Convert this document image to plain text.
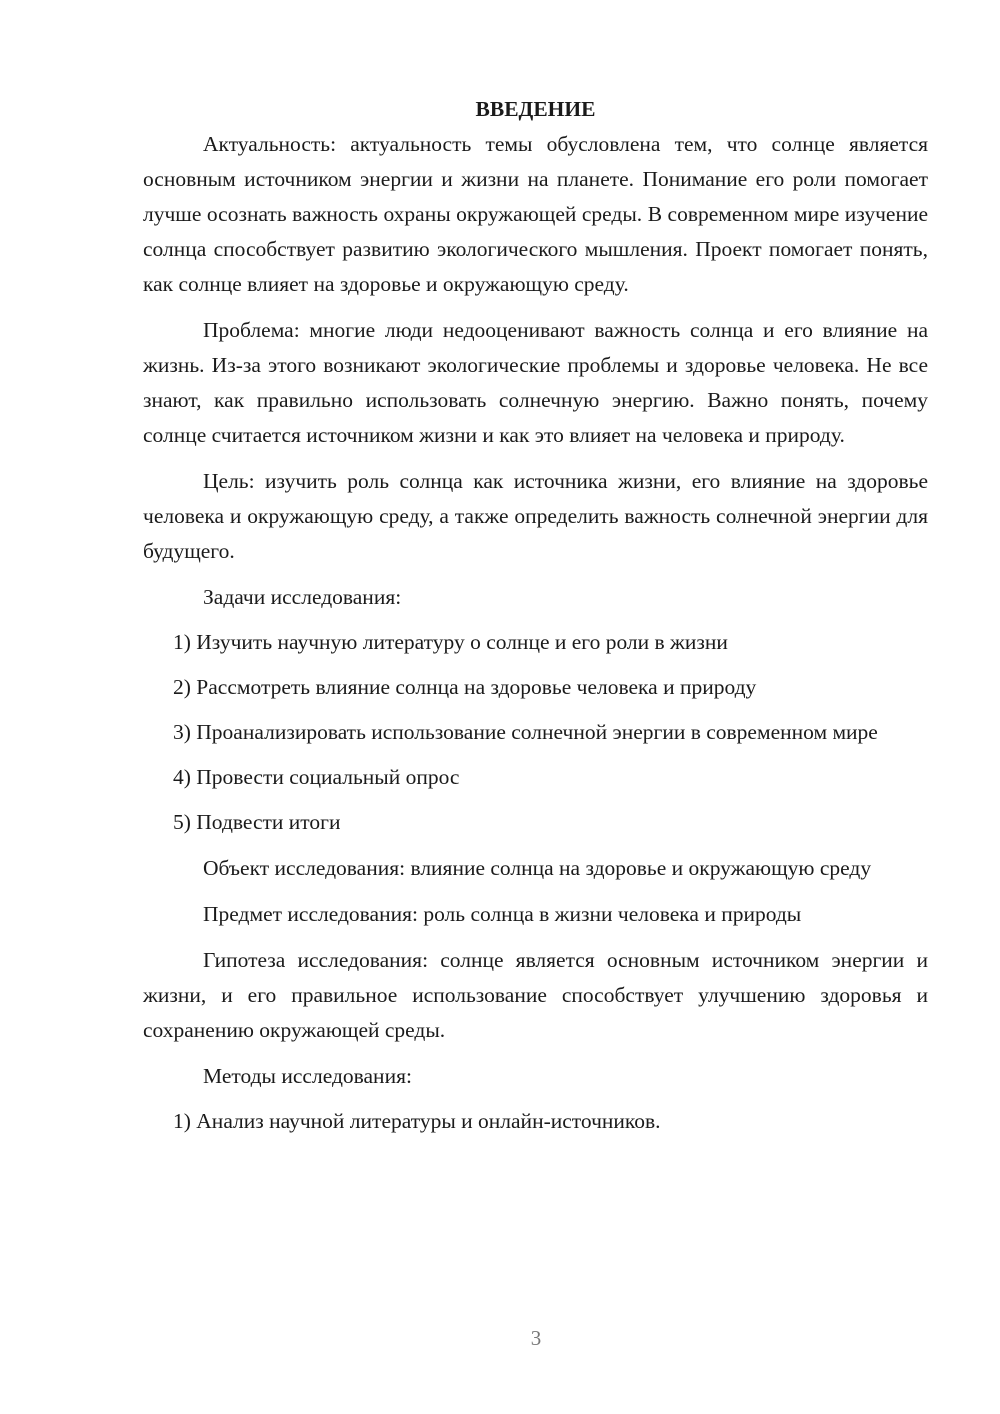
ВВЕДЕНИЕ

Актуальность: актуальность темы обусловлена тем, что солнце является основным источником энергии и жизни на планете. Понимание его роли помогает лучше осознать важность охраны окружающей среды. В современном мире изучение солнца способствует развитию экологического мышления. Проект помогает понять, как солнце влияет на здоровье и окружающую среду.

Проблема: многие люди недооценивают важность солнца и его влияние на жизнь. Из-за этого возникают экологические проблемы и здоровье человека. Не все знают, как правильно использовать солнечную энергию. Важно понять, почему солнце считается источником жизни и как это влияет на человека и природу.

Цель: изучить роль солнца как источника жизни, его влияние на здоровье человека и окружающую среду, а также определить важность солнечной энергии для будущего.

Задачи исследования:

1) Изучить научную литературу о солнце и его роли в жизни

2) Рассмотреть влияние солнца на здоровье человека и природу

3) Проанализировать использование солнечной энергии в современном мире

4) Провести социальный опрос

5) Подвести итоги

Объект исследования: влияние солнца на здоровье и окружающую среду

Предмет исследования: роль солнца в жизни человека и природы

Гипотеза исследования: солнце является основным источником энергии и жизни, и его правильное использование способствует улучшению здоровья и сохранению окружающей среды.

Методы исследования:

1) Анализ научной литературы и онлайн-источников.

3
